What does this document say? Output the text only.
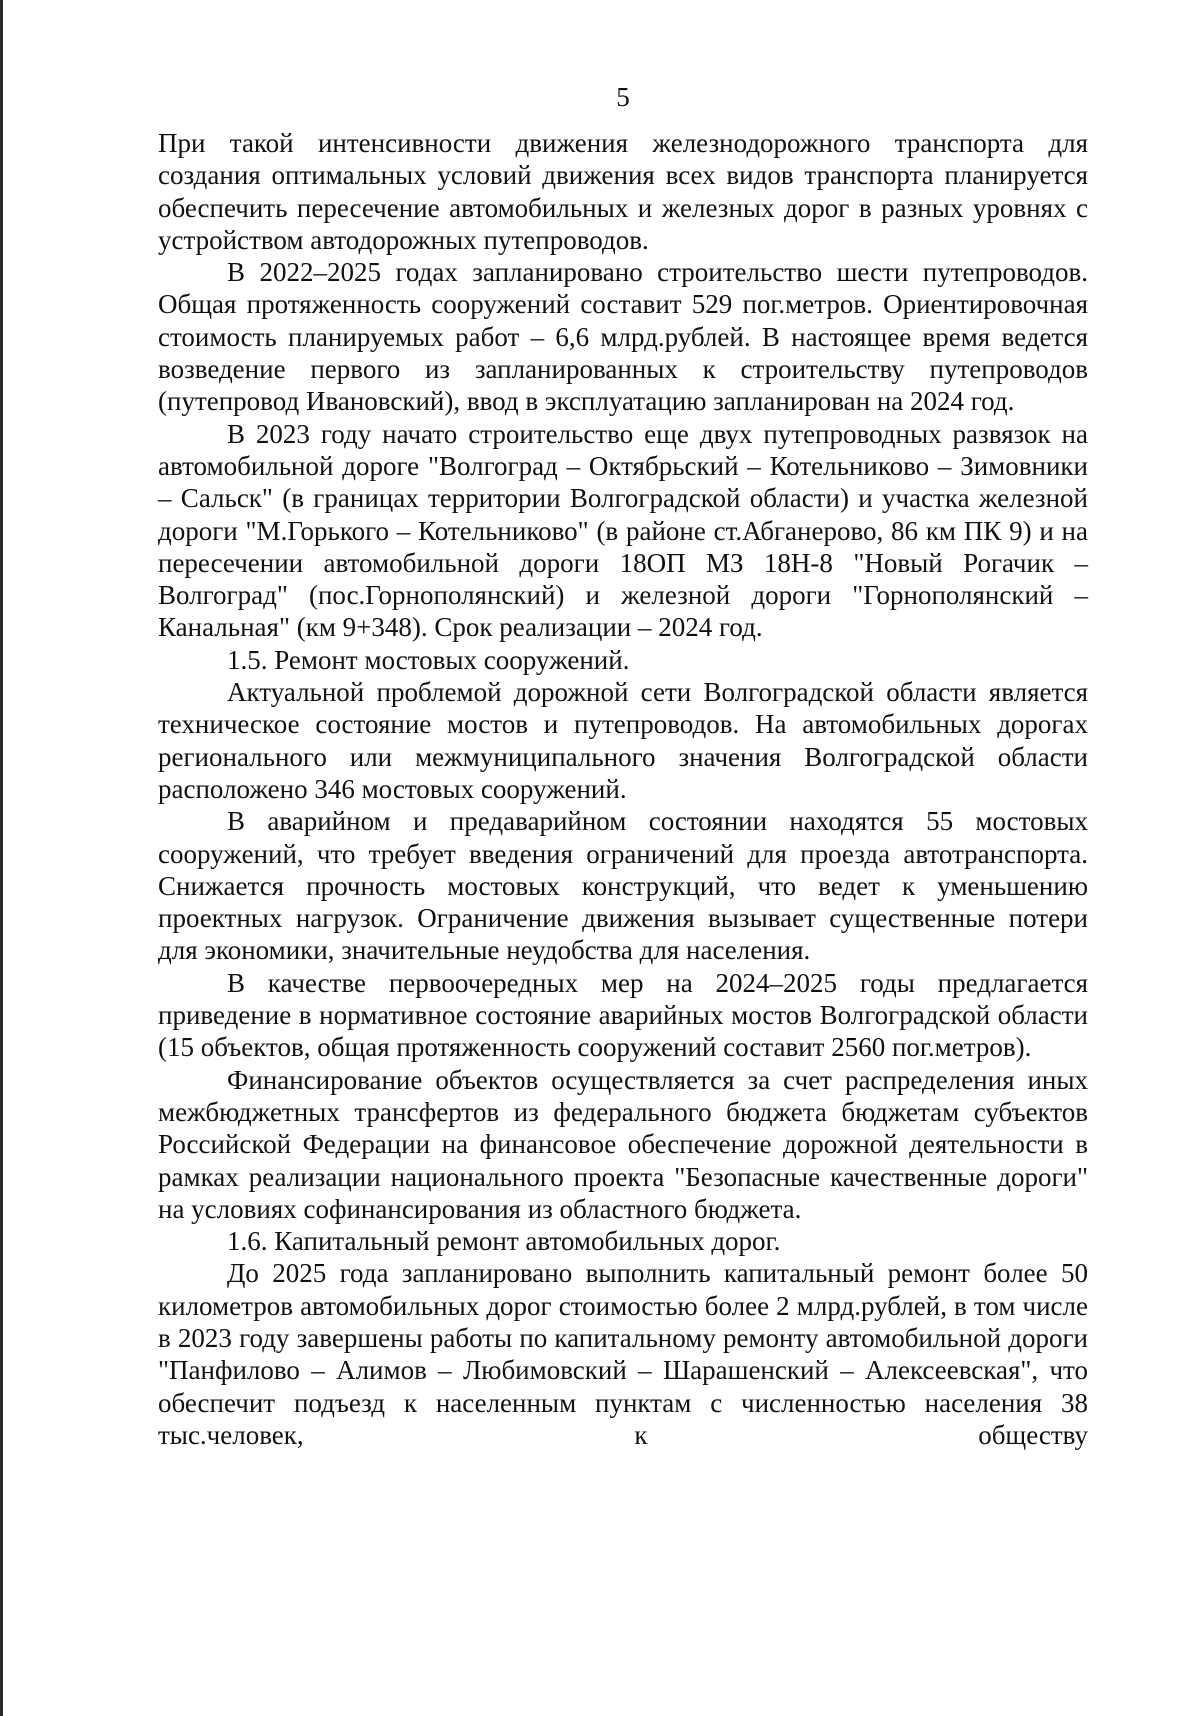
5

При такой интенсивности движения железнодорожного транспорта для создания оптимальных условий движения всех видов транспорта планируется обеспечить пересечение автомобильных и железных дорог в разных уровнях с устройством автодорожных путепроводов.

В 2022–2025 годах запланировано строительство шести путепроводов. Общая протяженность сооружений составит 529 пог.метров. Ориентировочная стоимость планируемых работ – 6,6 млрд.рублей. В настоящее время ведется возведение первого из запланированных к строительству путепроводов (путепровод Ивановский), ввод в эксплуатацию запланирован на 2024 год.

В 2023 году начато строительство еще двух путепроводных развязок на автомобильной дороге "Волгоград – Октябрьский – Котельниково – Зимовники – Сальск" (в границах территории Волгоградской области) и участка железной дороги "М.Горького – Котельниково" (в районе ст.Абганерово, 86 км ПК 9) и на пересечении автомобильной дороги 18ОП МЗ 18Н-8 "Новый Рогачик – Волгоград" (пос.Горнополянский) и железной дороги "Горнополянский – Канальная" (км 9+348). Срок реализации – 2024 год.

1.5. Ремонт мостовых сооружений.

Актуальной проблемой дорожной сети Волгоградской области является техническое состояние мостов и путепроводов. На автомобильных дорогах регионального или межмуниципального значения Волгоградской области расположено 346 мостовых сооружений.

В аварийном и предаварийном состоянии находятся 55 мостовых сооружений, что требует введения ограничений для проезда автотранспорта. Снижается прочность мостовых конструкций, что ведет к уменьшению проектных нагрузок. Ограничение движения вызывает существенные потери для экономики, значительные неудобства для населения.

В качестве первоочередных мер на 2024–2025 годы предлагается приведение в нормативное состояние аварийных мостов Волгоградской области (15 объектов, общая протяженность сооружений составит 2560 пог.метров).

Финансирование объектов осуществляется за счет распределения иных межбюджетных трансфертов из федерального бюджета бюджетам субъектов Российской Федерации на финансовое обеспечение дорожной деятельности в рамках реализации национального проекта "Безопасные качественные дороги" на условиях софинансирования из областного бюджета.

1.6. Капитальный ремонт автомобильных дорог.

До 2025 года запланировано выполнить капитальный ремонт более 50 километров автомобильных дорог стоимостью более 2 млрд.рублей, в том числе в 2023 году завершены работы по капитальному ремонту автомобильной дороги "Панфилово – Алимов – Любимовский – Шарашенский – Алексеевская", что обеспечит подъезд к населенным пунктам с численностью населения 38 тыс.человек, к обществу
